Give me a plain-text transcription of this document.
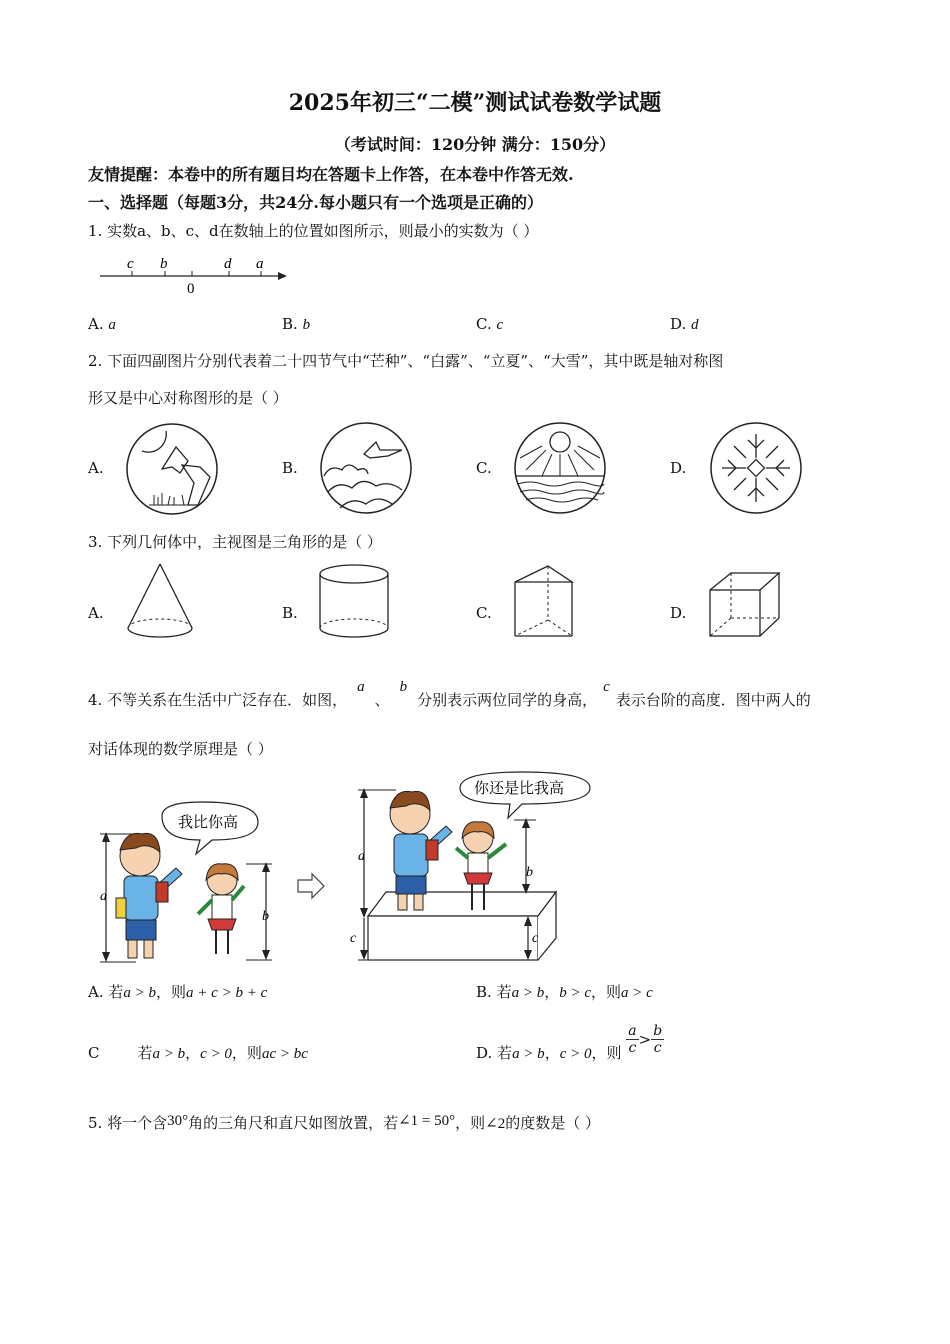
2025年初三“二模”测试试卷数学试题
（考试时间：120分钟 满分：150分）
友情提醒：本卷中的所有题目均在答题卡上作答，在本卷中作答无效.
一、选择题（每题3分，共24分.每小题只有一个选项是正确的）
1. 实数a、b、c、d在数轴上的位置如图所示，则最小的实数为（ ）
c b	d a
0
A. a	B. b	C. c	D. d
2. 下面四副图片分别代表着二十四节气中“芒种”、“白露”、“立夏”、“大雪”，其中既是轴对称图
形又是中心对称图形的是（ ）
A.	B.	C.	D.
3. 下列几何体中，主视图是三角形的是（ ）
A.	B.	C.	D.
4. 不等关系在生活中广泛存在．如图，a、b分别表示两位同学的身高，c表示台阶的高度．图中两人的
对话体现的数学原理是（ ）
我比你高
a
b
你还是比我高
a
c
b
c
A. 若a > b，则a + c > b + c	B. 若a > b，b > c，则a > c
C	若a > b，c > 0，则ac > bc	D. 若a > b，c > 0，则 $\frac{a}{c} > \frac{b}{c}$
5. 将一个含30°角的三角尺和直尺如图放置，若∠1 = 50°，则∠2的度数是（ ）
